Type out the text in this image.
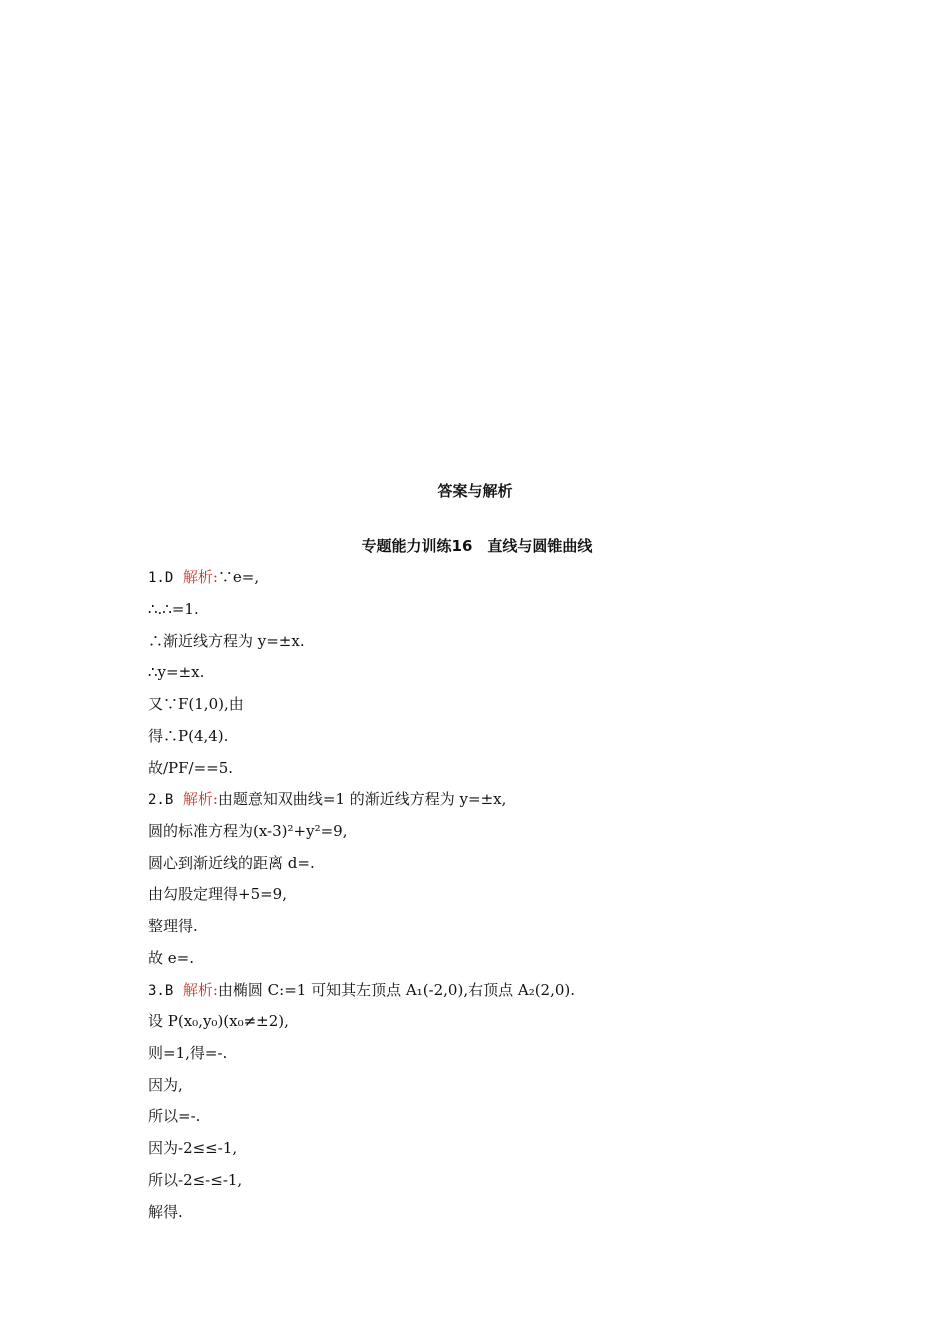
答案与解析
专题能力训练16　直线与圆锥曲线
1.D 解析:∵e=,
∴.∴=1.
∴渐近线方程为 y=±x.
∴y=±x.
又∵F(1,0),由
得∴P(4,4).
故/PF/==5.
2.B 解析:由题意知双曲线=1 的渐近线方程为 y=±x,
圆的标准方程为(x-3)²+y²=9,
圆心到渐近线的距离 d=.
由勾股定理得+5=9,
整理得.
故 e=.
3.B 解析:由椭圆 C:=1 可知其左顶点 A₁(-2,0),右顶点 A₂(2,0).
设 P(x₀,y₀)(x₀≠±2),
则=1,得=-.
因为,
所以=-.
因为-2≤≤-1,
所以-2≤-≤-1,
解得.
